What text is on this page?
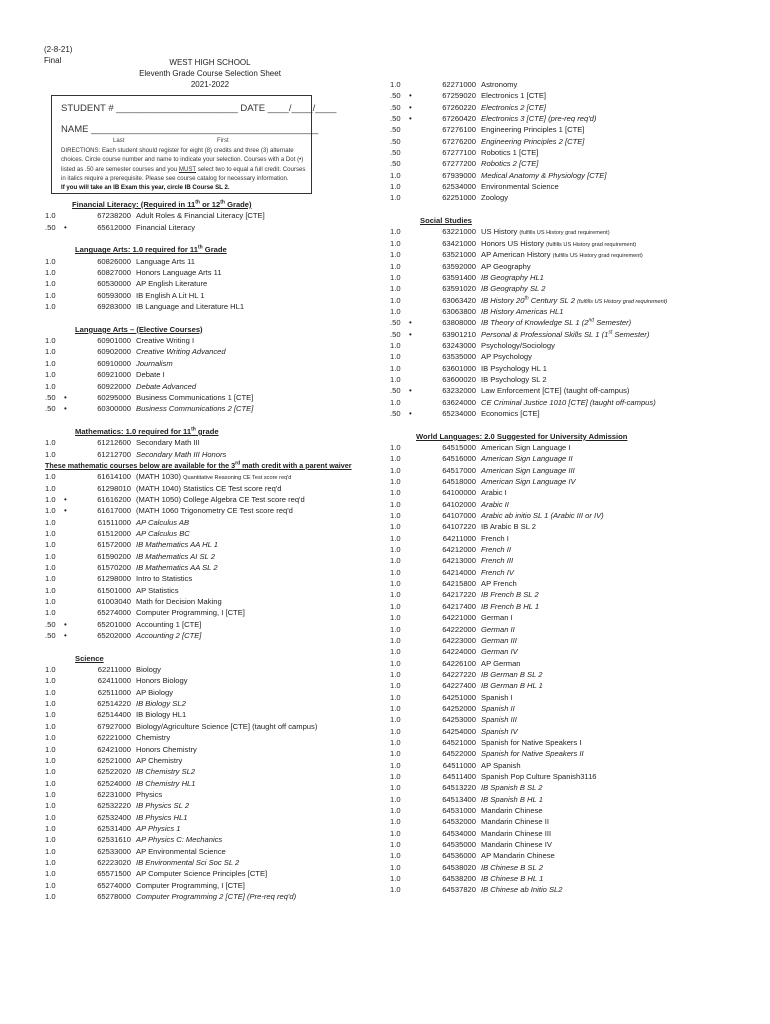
(2-8-21)
Final	WEST HIGH SCHOOL
Eleventh Grade Course Selection Sheet
2021-2022
STUDENT # _______________________ DATE ____/____/____
NAME ___________________________________________
Last	First
DIRECTIONS: Each student should register for eight (8) credits and three (3) alternate choices. Circle course number and name to indicate your selection. Courses with a Dot (•) listed as .50 are semester courses and you MUST select two to equal a full credit. Courses in italics require a prerequisite. Please see course catalog for necessary information.
If you will take an IB Exam this year, circle IB Course SL 2.
Financial Literacy: (Required in 11th or 12th Grade)
1.0	67238200 Adult Roles & Financial Literacy [CTE]
.50	•	65612000 Financial Literacy
Language Arts: 1.0 required for 11th Grade
1.0	60826000 Language Arts 11
1.0	60827000 Honors Language Arts 11
1.0	60530000 AP English Literature
1.0	60593000 IB English A Lit HL 1
1.0	69283000 IB Language and Literature HL1
Language Arts – (Elective Courses)
1.0	60901000 Creative Writing I
1.0	60902000 Creative Writing Advanced
1.0	60910000 Journalism
1.0	60921000 Debate I
1.0	60922000 Debate Advanced
.50	•	60295000 Business Communications 1 [CTE]
.50	•	60300000 Business Communications 2 [CTE]
Mathematics: 1.0 required for 11th grade
1.0	61212600 Secondary Math III
1.0	61212700 Secondary Math III Honors
These mathematic courses below are available for the 3rd math credit with a parent waiver
1.0	61614100 (MATH 1030) Quantitative Reasoning CE Test score req'd
1.0	61298010 (MATH 1040) Statistics CE Test score req'd
1.0	•	61616200 (MATH 1050) College Algebra CE Test score req'd
1.0	•	61617000 (MATH 1060 Trigonometry CE Test score req'd
1.0	61511000 AP Calculus AB
1.0	61512000 AP Calculus BC
1.0	61572000 IB Mathematics AA HL 1
1.0	61590200 IB Mathematics AI SL 2
1.0	61570200 IB Mathematics AA SL 2
1.0	61298000 Intro to Statistics
1.0	61501000 AP Statistics
1.0	61003040 Math for Decision Making
1.0	65274000 Computer Programming, I [CTE]
.50	•	65201000 Accounting 1 [CTE]
.50	•	65202000 Accounting 2 [CTE]
Science
1.0	62211000 Biology
1.0	62411000 Honors Biology
1.0	62511000 AP Biology
1.0	62514220 IB Biology SL2
1.0	62514400 IB Biology HL1
1.0	67927000 Biology/Agriculture Science [CTE] (taught off campus)
1.0	62221000 Chemistry
1.0	62421000 Honors Chemistry
1.0	62521000 AP Chemistry
1.0	62522020 IB Chemistry SL2
1.0	62524000 IB Chemistry HL1
1.0	62231000 Physics
1.0	62532220 IB Physics SL 2
1.0	62532400 IB Physics HL1
1.0	62531400 AP Physics 1
1.0	62531610 AP Physics C: Mechanics
1.0	62533000 AP Environmental Science
1.0	62223020 IB Environmental Sci Soc SL 2
1.0	65571500 AP Computer Science Principles [CTE]
1.0	65274000 Computer Programming, I [CTE]
1.0	65278000 Computer Programming 2 [CTE] (Pre-req req'd)
1.0	62271000 Astronomy
.50	•	67259020 Electronics 1 [CTE]
.50	•	67260220 Electronics 2 [CTE]
.50	•	67260420 Electronics 3 [CTE] (pre-req req'd)
.50	67276100 Engineering Principles 1 [CTE]
.50	67276200 Engineering Principles 2 [CTE]
.50	67277100 Robotics 1 [CTE]
.50	67277200 Robotics 2 [CTE]
1.0	67939000 Medical Anatomy & Physiology [CTE]
1.0	62534000 Environmental Science
1.0	62251000 Zoology
Social Studies
1.0	63221000 US History (fulfills US History grad requirement)
1.0	63421000 Honors US History (fulfills US History grad requirement)
1.0	63521000 AP American History (fulfills US History grad requirement)
1.0	63592000 AP Geography
1.0	63591400 IB Geography HL1
1.0	63591020 IB Geography SL 2
1.0	63063420 IB History 20th Century SL 2 (fulfills US History grad requirement)
1.0	63063800 IB History Americas HL1
.50	•	63808000 IB Theory of Knowledge SL 1 (2nd Semester)
.50	•	63901210 Personal & Professional Skills SL 1 (1st Semester)
1.0	63243000 Psychology/Sociology
1.0	63535000 AP Psychology
1.0	63601000 IB Psychology HL 1
1.0	63600020 IB Psychology SL 2
.50	•	63232000 Law Enforcement [CTE] (taught off-campus)
1.0	63624000 CE Criminal Justice 1010 [CTE] (taught off-campus)
.50	•	65234000 Economics [CTE]
World Languages: 2.0 Suggested for University Admission
1.0	64515000 American Sign Language I
1.0	64516000 American Sign Language II
1.0	64517000 American Sign Language III
1.0	64518000 American Sign Language IV
1.0	64100000 Arabic I
1.0	64102000 Arabic II
1.0	64107000 Arabic ab initio SL 1 (Arabic III or IV)
1.0	64107220 IB Arabic B SL 2
1.0	64211000 French I
1.0	64212000 French II
1.0	64213000 French III
1.0	64214000 French IV
1.0	64215800 AP French
1.0	64217220 IB French B SL 2
1.0	64217400 IB French B HL 1
1.0	64221000 German I
1.0	64222000 German II
1.0	64223000 German III
1.0	64224000 German IV
1.0	64226100 AP German
1.0	64227220 IB German B SL 2
1.0	64227400 IB German B HL 1
1.0	64251000 Spanish I
1.0	64252000 Spanish II
1.0	64253000 Spanish III
1.0	64254000 Spanish IV
1.0	64521000 Spanish for Native Speakers I
1.0	64522000 Spanish for Native Speakers II
1.0	64511000 AP Spanish
1.0	64511400 Spanish Pop Culture Spanish3116
1.0	64513220 IB Spanish B SL 2
1.0	64513400 IB Spanish B HL 1
1.0	64531000 Mandarin Chinese
1.0	64532000 Mandarin Chinese II
1.0	64534000 Mandarin Chinese III
1.0	64535000 Mandarin Chinese IV
1.0	64536000 AP Mandarin Chinese
1.0	64538020 IB Chinese B SL 2
1.0	64538200 IB Chinese B HL 1
1.0	64537820 IB Chinese ab Initio SL2
